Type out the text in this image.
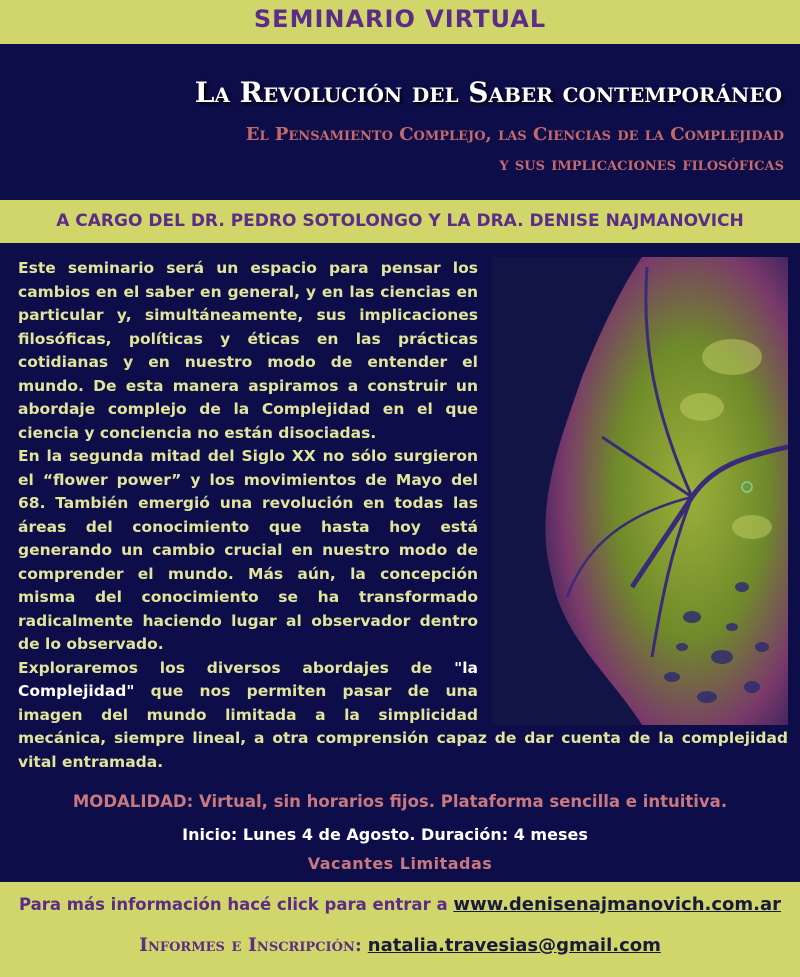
SEMINARIO VIRTUAL
La Revolución del Saber contemporáneo
El Pensamiento Complejo, las Ciencias de la Complejidad
y sus implicaciones filosóficas
A CARGO DEL DR. PEDRO SOTOLONGO Y LA DRA. DENISE NAJMANOVICH

Este seminario será un espacio para pensar los cambios en el saber en general, y en las ciencias en particular y, simultáneamente, sus implicaciones filosóficas, políticas y éticas en las prácticas cotidianas y en nuestro modo de entender el mundo. De esta manera aspiramos a construir un abordaje complejo de la Complejidad en el que ciencia y conciencia no están disociadas.

En la segunda mitad del Siglo XX no sólo surgieron el “flower power” y los movimientos de Mayo del 68. También emergió una revolución en todas las áreas del conocimiento que hasta hoy está generando un cambio crucial en nuestro modo de comprender el mundo. Más aún, la concepción misma del conocimiento se ha transformado radicalmente haciendo lugar al observador dentro de lo observado.

Exploraremos los diversos abordajes de "la Complejidad" que nos permiten pasar de una imagen del mundo limitada a la simplicidad mecánica, siempre lineal, a otra comprensión capaz de dar cuenta de la complejidad vital entramada.

MODALIDAD: Virtual, sin horarios fijos. Plataforma sencilla e intuitiva.
Inicio: Lunes 4 de Agosto. Duración: 4 meses
Vacantes Limitadas
Para más información hacé click para entrar a www.denisenajmanovich.com.ar
Informes e Inscripción: natalia.travesias@gmail.com
